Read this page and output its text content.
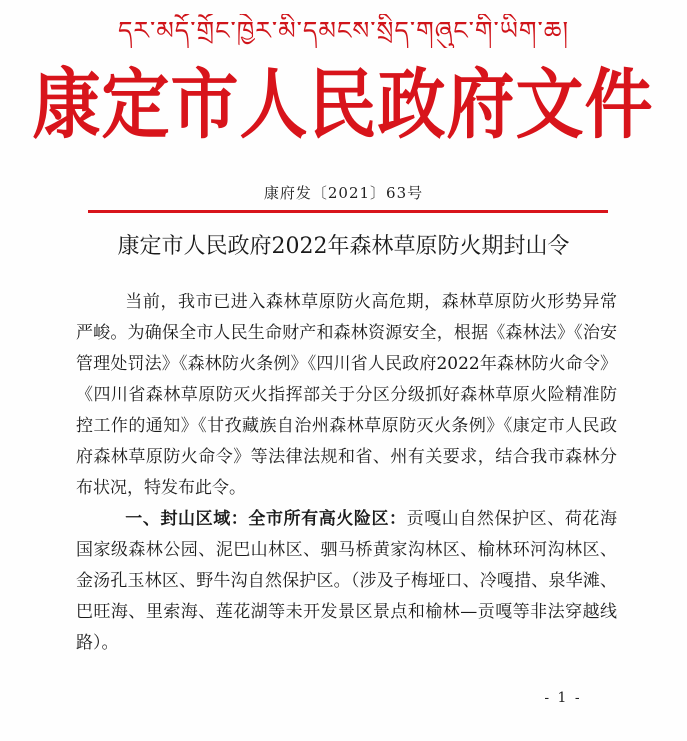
དར་མདོ་གྲོང་ཁྱེར་མི་དམངས་སྲིད་གཞུང་གི་ཡིག་ཆ།
康定市人民政府文件
康府发〔2021〕63号
康定市人民政府2022年森林草原防火期封山令

当前，我市已进入森林草原防火高危期，森林草原防火形势异常严峻。为确保全市人民生命财产和森林资源安全，根据《森林法》《治安管理处罚法》《森林防火条例》《四川省人民政府2022年森林防火命令》《四川省森林草原防灭火指挥部关于分区分级抓好森林草原火险精准防控工作的通知》《甘孜藏族自治州森林草原防灭火条例》《康定市人民政府森林草原防火命令》等法律法规和省、州有关要求，结合我市森林分布状况，特发布此令。

一、封山区域：全市所有高火险区：贡嘎山自然保护区、荷花海国家级森林公园、泥巴山林区、驷马桥黄家沟林区、榆林环河沟林区、金汤孔玉林区、野牛沟自然保护区。（涉及子梅垭口、冷嘎措、泉华滩、巴旺海、里索海、莲花湖等未开发景区景点和榆林—贡嘎等非法穿越线路）。

- 1 -
